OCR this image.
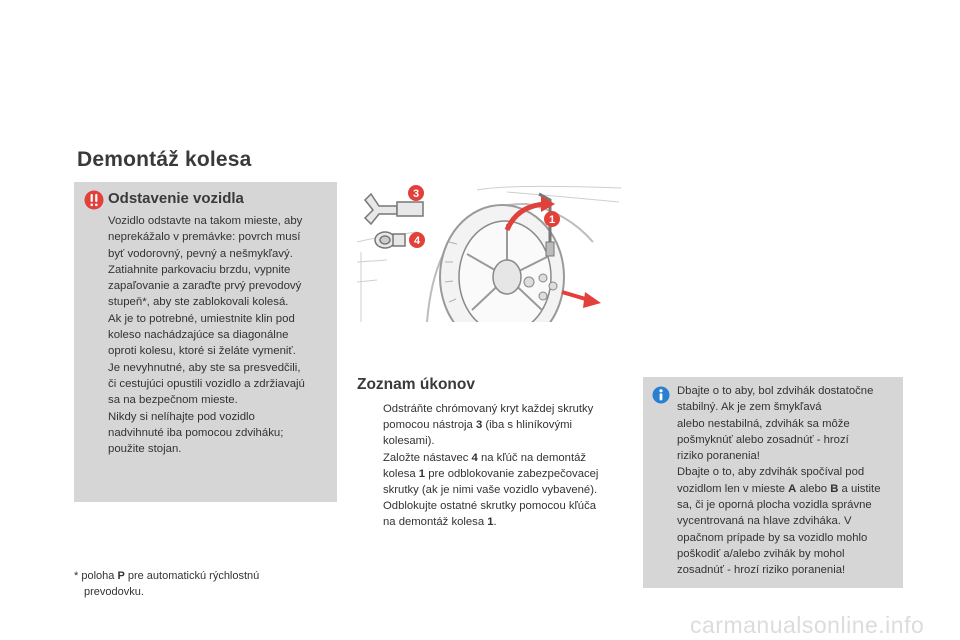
Demontáž kolesa
Odstavenie vozidla
Vozidlo odstavte na takom mieste, aby
neprekážalo v premávke: povrch musí
byť vodorovný, pevný a nešmykľavý.
Zatiahnite parkovaciu brzdu, vypnite
zapaľovanie a zaraďte prvý prevodový
stupeň*, aby ste zablokovali kolesá.
Ak je to potrebné, umiestnite klin pod
koleso nachádzajúce sa diagonálne
oproti kolesu, ktoré si želáte vymeniť.
Je nevyhnutné, aby ste sa presvedčili,
či cestujúci opustili vozidlo a zdržiavajú
sa na bezpečnom mieste.
Nikdy si nelíhajte pod vozidlo
nadvihnuté iba pomocou zdviháku;
použite stojan.
3
4
1
Zoznam úkonov
Odstráňte chrómovaný kryt každej skrutky
pomocou nástroja 3 (iba s hliníkovými
kolesami).
Založte nástavec 4 na kľúč na demontáž
kolesa 1 pre odblokovanie zabezpečovacej
skrutky (ak je nimi vaše vozidlo vybavené).
Odblokujte ostatné skrutky pomocou kľúča
na demontáž kolesa 1.
* poloha P pre automatickú rýchlostnú
prevodovku.
Dbajte o to aby, bol zdvihák dostatočne
stabilný. Ak je zem šmykľavá
alebo nestabilná, zdvihák sa môže
pošmyknúť alebo zosadnúť - hrozí
riziko poranenia!
Dbajte o to, aby zdvihák spočíval pod
vozidlom len v mieste A alebo B a uistite
sa, či je oporná plocha vozidla správne
vycentrovaná na hlave zdviháka. V
opačnom prípade by sa vozidlo mohlo
poškodiť a/alebo zvihák by mohol
zosadnúť - hrozí riziko poranenia!
carmanualsonline.info
